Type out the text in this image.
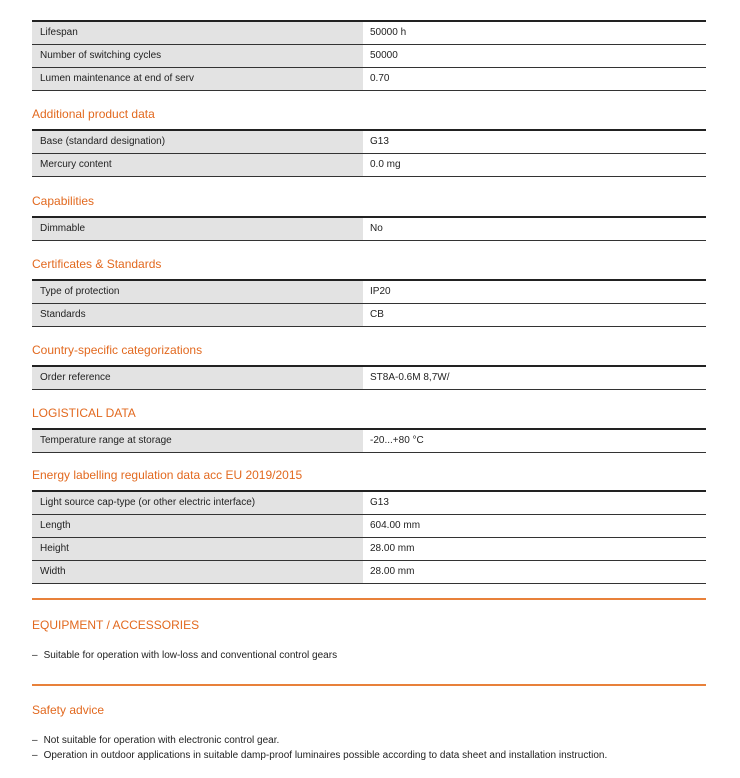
Lifespan	50000 h
Number of switching cycles	50000
Lumen maintenance at end of serv	0.70
Additional product data
Base (standard designation)	G13
Mercury content	0.0 mg
Capabilities
Dimmable	No
Certificates & Standards
Type of protection	IP20
Standards	CB
Country-specific categorizations
Order reference	ST8A-0.6M 8,7W/
LOGISTICAL DATA
Temperature range at storage	-20...+80 °C
Energy labelling regulation data acc EU 2019/2015
Light source cap-type (or other electric interface)	G13
Length	604.00 mm
Height	28.00 mm
Width	28.00 mm
EQUIPMENT / ACCESSORIES
– Suitable for operation with low-loss and conventional control gears
Safety advice
– Not suitable for operation with electronic control gear.
– Operation in outdoor applications in suitable damp-proof luminaires possible according to data sheet and installation instruction.
